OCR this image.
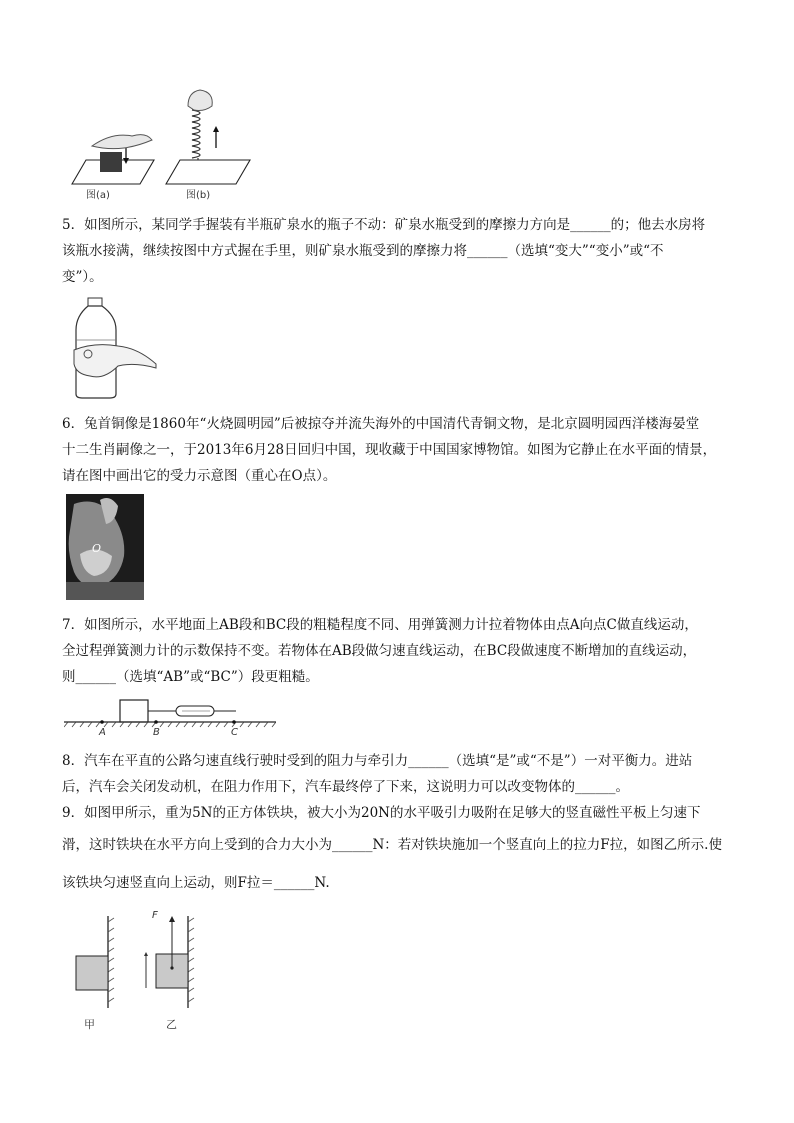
图(a)	图(b)
5．如图所示，某同学手握装有半瓶矿泉水的瓶子不动：矿泉水瓶受到的摩擦力方向是______的；他去水房将
该瓶水接满，继续按图中方式握在手里，则矿泉水瓶受到的摩擦力将______（选填“变大”“变小”或“不
变”）。
6．兔首铜像是1860年“火烧圆明园”后被掠夺并流失海外的中国清代青铜文物，是北京圆明园西洋楼海晏堂
十二生肖嗣像之一，于2013年6月28日回归中国，现收藏于中国国家博物馆。如图为它静止在水平面的情景，
请在图中画出它的受力示意图（重心在O点）。
O
7．如图所示，水平地面上AB段和BC段的粗糙程度不同、用弹簧测力计拉着物体由点A向点C做直线运动，
全过程弹簧测力计的示数保持不变。若物体在AB段做匀速直线运动，在BC段做速度不断增加的直线运动，
则______（选填“AB”或“BC”）段更粗糙。
A	B	C
8．汽车在平直的公路匀速直线行驶时受到的阻力与牵引力______（选填“是”或“不是”）一对平衡力。进站
后，汽车会关闭发动机，在阻力作用下，汽车最终停了下来，这说明力可以改变物体的______。
9．如图甲所示，重为5N的正方体铁块，被大小为20N的水平吸引力吸附在足够大的竖直磁性平板上匀速下
滑，这时铁块在水平方向上受到的合力大小为______N：若对铁块施加一个竖直向上的拉力F拉，如图乙所示.使
该铁块匀速竖直向上运动，则F拉＝______N.
F
甲	乙
